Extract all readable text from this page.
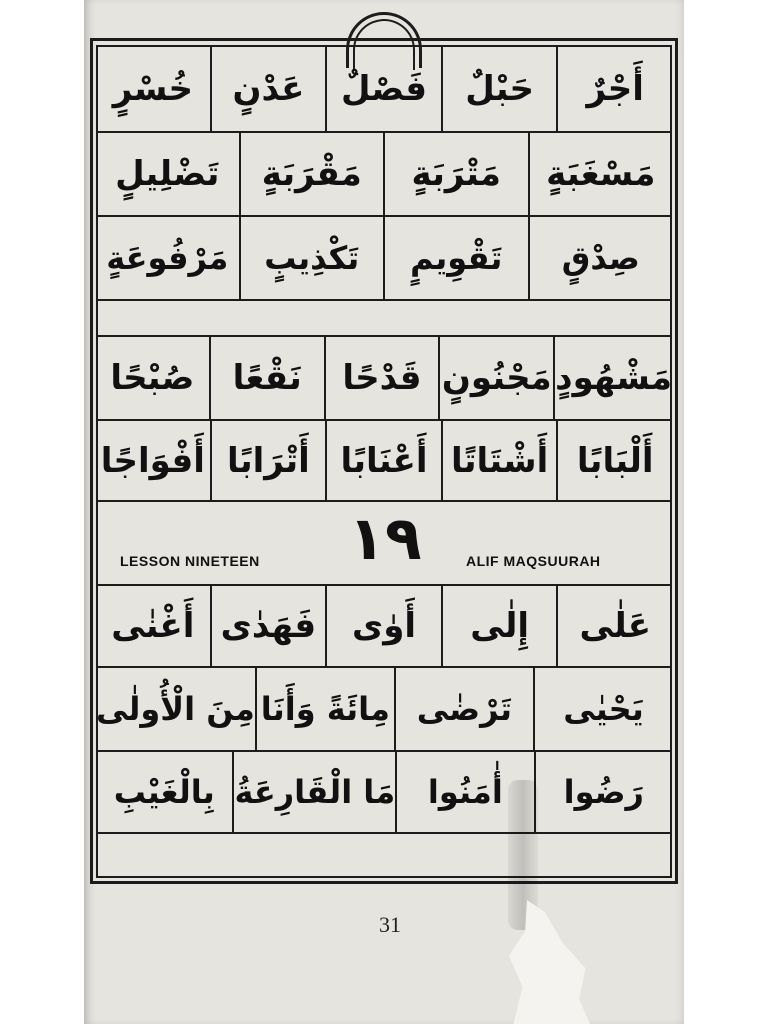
أَجْرٌ
حَبْلٌ
فَصْلٌ
عَدْنٍ
خُسْرٍ
مَسْغَبَةٍ
مَتْرَبَةٍ
مَقْرَبَةٍ
تَضْلِيلٍ
صِدْقٍ
تَقْوِيمٍ
تَكْذِيبٍ
مَرْفُوعَةٍ
مَشْهُودٍ
مَجْنُونٍ
قَدْحًا
نَقْعًا
صُبْحًا
أَلْبَابًا
أَشْتَاتًا
أَعْنَابًا
أَتْرَابًا
أَفْوَاجًا
LESSON NINETEEN ١٩	ALIF MAQSUURAH
عَلٰى
إِلٰى
أَوٰى
فَهَدٰى
أَغْنٰى
يَحْيٰى
تَرْضٰى
مِائَةً وَأَنَا
مِنَ الْأُولٰى
رَضُوا
أٰمَنُوا
مَا الْقَارِعَةُ
بِالْغَيْبِ
31
